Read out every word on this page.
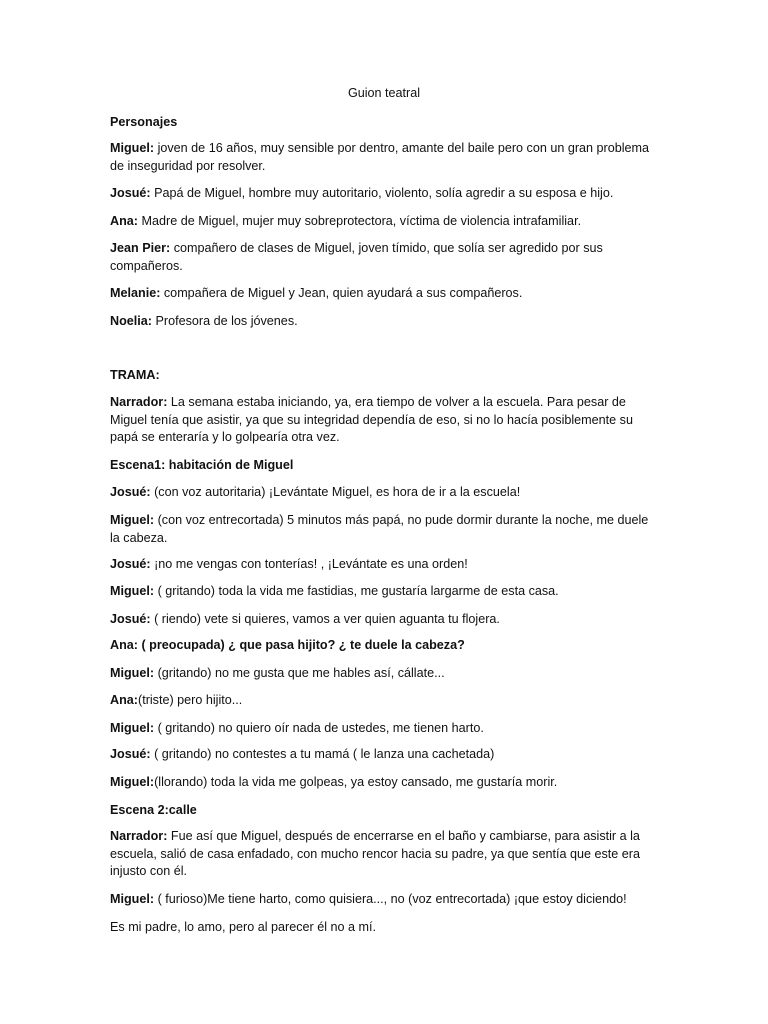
Guion teatral

Personajes

Miguel: joven de 16 años, muy sensible por dentro, amante del baile pero con un gran problema de inseguridad por resolver.

Josué: Papá de Miguel, hombre muy autoritario, violento, solía agredir a su esposa e hijo.

Ana: Madre de Miguel, mujer muy sobreprotectora, víctima de violencia intrafamiliar.

Jean Pier: compañero de clases de Miguel, joven tímido, que solía ser agredido por sus compañeros.

Melanie: compañera de Miguel y Jean, quien ayudará a sus compañeros.

Noelia: Profesora de los jóvenes.

TRAMA:

Narrador: La semana estaba iniciando, ya, era tiempo de volver a la escuela. Para pesar de Miguel tenía que asistir, ya que su integridad dependía de eso, si no lo hacía posiblemente su papá se enteraría y lo golpearía otra vez.

Escena1: habitación de Miguel

Josué: (con voz autoritaria) ¡Levántate Miguel, es hora de ir a la escuela!

Miguel: (con voz entrecortada) 5 minutos más papá, no pude dormir durante la noche, me duele la cabeza.

Josué: ¡no me vengas con tonterías! , ¡Levántate es una orden!

Miguel: ( gritando) toda la vida me fastidias, me gustaría largarme de esta casa.

Josué: ( riendo) vete si quieres, vamos a ver quien aguanta tu flojera.

Ana: ( preocupada) ¿ que pasa hijito? ¿ te duele la cabeza?

Miguel: (gritando) no me gusta que me hables así, cállate...

Ana:(triste) pero hijito...

Miguel: ( gritando) no quiero oír nada de ustedes, me tienen harto.

Josué: ( gritando) no contestes a tu mamá ( le lanza una cachetada)

Miguel:(llorando) toda la vida me golpeas, ya estoy cansado, me gustaría morir.

Escena 2:calle

Narrador: Fue así que Miguel, después de encerrarse en el baño y cambiarse, para asistir a la escuela, salió de casa enfadado, con mucho rencor hacia su padre, ya que sentía que este era injusto con él.

Miguel: ( furioso)Me tiene harto, como quisiera..., no (voz entrecortada) ¡que estoy diciendo!

Es mi padre, lo amo, pero al parecer él no a mí.
